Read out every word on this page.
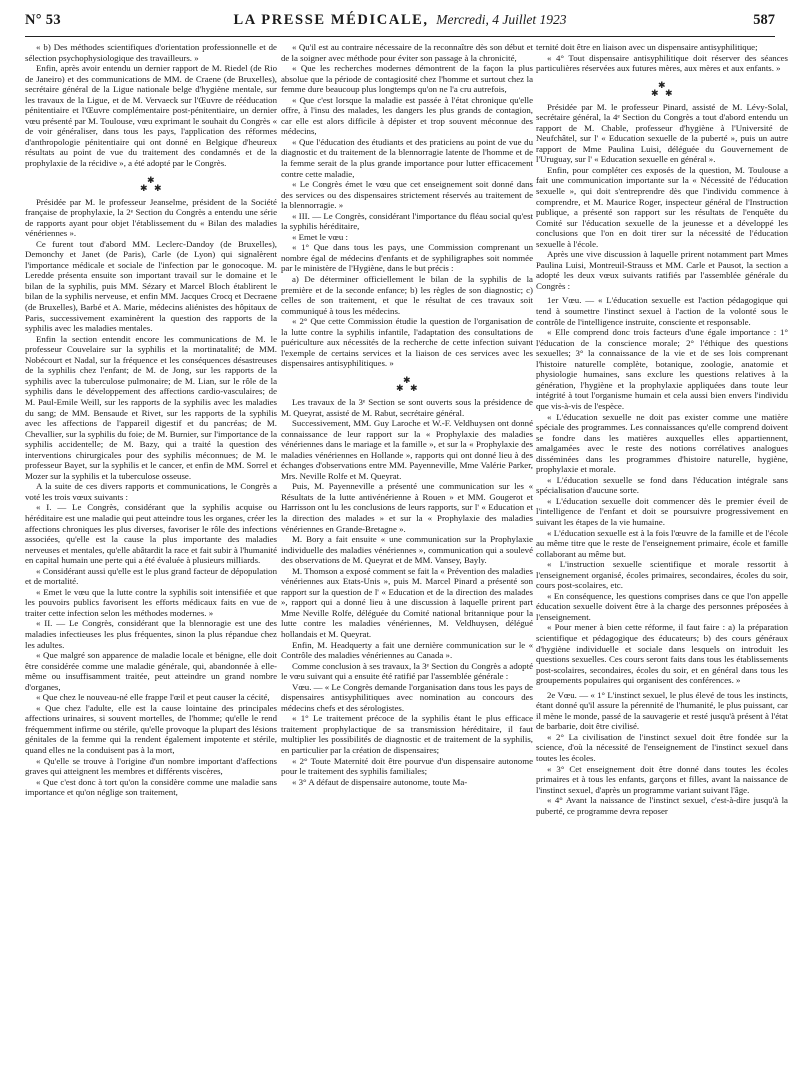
N° 53	LA PRESSE MÉDICALE, Mercredi, 4 Juillet 1923	587

« b) Des méthodes scientifiques d'orientation professionnelle et de sélection psychophysiologique des travailleurs. »

Enfin, après avoir entendu un dernier rapport de M. Riedel (de Rio de Janeiro) et des communications de MM. de Craene (de Bruxelles), secrétaire général de la Ligue nationale belge d'hygiène mentale, sur les travaux de la Ligue, et de M. Vervaeck sur l'Œuvre de rééducation pénitentiaire et l'Œuvre complémentaire post-pénitentiaire, un dernier vœu présenté par M. Toulouse, vœu exprimant le souhait du Congrès « de voir généraliser, dans tous les pays, l'application des réformes d'anthropologie pénitentiaire qui ont donné en Belgique d'heureux résultats au point de vue du traitement des condamnés et de la prophylaxie de la récidive », a été adopté par le Congrès.

✱
✱ ✱

Présidée par M. le professeur Jeanselme, président de la Société française de prophylaxie, la 2ᵉ Section du Congrès a entendu une série de rapports ayant pour objet l'établissement du « Bilan des maladies vénériennes ».

Ce furent tout d'abord MM. Leclerc-Dandoy (de Bruxelles), Demonchy et Janet (de Paris), Carle (de Lyon) qui signalèrent l'importance médicale et sociale de l'infection par le gonocoque. M. Leredde présenta ensuite son important travail sur le domaine et le bilan de la syphilis, puis MM. Sézary et Marcel Bloch établirent le bilan de la syphilis nerveuse, et enfin MM. Jacques Crocq et Decraene (de Bruxelles), Barbé et A. Marie, médecins aliénistes des hôpitaux de Paris, successivement examinèrent la question des rapports de la syphilis avec les maladies mentales.

Enfin la section entendit encore les communications de M. le professeur Couvelaire sur la syphilis et la mortinatalité; de MM. Nobécourt et Nadal, sur la fréquence et les conséquences désastreuses de la syphilis chez l'enfant; de M. de Jong, sur les rapports de la syphilis avec la tuberculose pulmonaire; de M. Lian, sur le rôle de la syphilis dans le développement des affections cardio-vasculaires; de M. Paul-Emile Weill, sur les rapports de la syphilis avec les maladies du sang; de MM. Bensaude et Rivet, sur les rapports de la syphilis avec les affections de l'appareil digestif et du pancréas; de M. Chevallier, sur la syphilis du foie; de M. Burnier, sur l'importance de la syphilis accidentelle; de M. Bazy, qui a traité la question des interventions chirurgicales pour des syphilis méconnues; de M. le professeur Bayet, sur la syphilis et le cancer, et enfin de MM. Sorrel et Mozer sur la syphilis et la tuberculose osseuse.

A la suite de ces divers rapports et communications, le Congrès a voté les trois vœux suivants :

« I. — Le Congrès, considérant que la syphilis acquise ou héréditaire est une maladie qui peut atteindre tous les organes, créer les affections chroniques les plus diverses, favoriser le rôle des infections associées, qu'elle est la cause la plus importante des maladies nerveuses et mentales, qu'elle abâtardit la race et fait subir à l'humanité en capital humain une perte qui a été évaluée à plusieurs milliards.

« Considérant aussi qu'elle est le plus grand facteur de dépopulation et de mortalité.

« Emet le vœu que la lutte contre la syphilis soit intensifiée et que les pouvoirs publics favorisent les efforts médicaux faits en vue de traiter cette infection selon les méthodes modernes. »

« II. — Le Congrès, considérant que la blennoragie est une des maladies infectieuses les plus fréquentes, sinon la plus répandue chez les adultes.

« Que malgré son apparence de maladie locale et bénigne, elle doit être considérée comme une maladie générale, qui, abandonnée à elle-même ou insuffisamment traitée, peut atteindre un grand nombre d'organes,

« Que chez le nouveau-né elle frappe l'œil et peut causer la cécité,

« Que chez l'adulte, elle est la cause lointaine des principales affections urinaires, si souvent mortelles, de l'homme; qu'elle le rend fréquemment infirme ou stérile, qu'elle provoque la plupart des lésions génitales de la femme qui la rendent également impotente et stérile, quand elles ne la conduisent pas à la mort,

« Qu'elle se trouve à l'origine d'un nombre important d'affections graves qui atteignent les membres et différents viscères,

« Que c'est donc à tort qu'on la considère comme une maladie sans importance et qu'on néglige son traitement,

« Qu'il est au contraire nécessaire de la reconnaître dès son début et de la soigner avec méthode pour éviter son passage à la chronicité,

« Que les recherches modernes démontrent de la façon la plus absolue que la période de contagiosité chez l'homme et surtout chez la femme dure beaucoup plus longtemps qu'on ne l'a cru autrefois,

« Que c'est lorsque la maladie est passée à l'état chronique qu'elle offre, à l'insu des malades, les dangers les plus grands de contagion, car elle est alors difficile à dépister et trop souvent méconnue des médecins,

« Que l'éducation des étudiants et des praticiens au point de vue du diagnostic et du traitement de la blennorragie latente de l'homme et de la femme serait de la plus grande importance pour lutter efficacement contre cette maladie,

« Le Congrès émet le vœu que cet enseignement soit donné dans des services ou des dispensaires strictement réservés au traitement de la blennorragie. »

« III. — Le Congrès, considérant l'importance du fléau social qu'est la syphilis héréditaire,

« Emet le vœu :

« 1° Que dans tous les pays, une Commission comprenant un nombre égal de médecins d'enfants et de syphiligraphes soit nommée par le ministère de l'Hygiène, dans le but précis :

a) De déterminer officiellement le bilan de la syphilis de la première et de la seconde enfance; b) les règles de son diagnostic; c) celles de son traitement, et que le résultat de ces travaux soit communiqué à tous les médecins.

« 2° Que cette Commission étudie la question de l'organisation de la lutte contre la syphilis infantile, l'adaptation des consultations de puériculture aux nécessités de la recherche de cette infection suivant l'exemple de certains services et la liaison de ces services avec les dispensaires antisyphilitiques. »

✱
✱ ✱

Les travaux de la 3ᵉ Section se sont ouverts sous la présidence de M. Queyrat, assisté de M. Rabut, secrétaire général.

Successivement, MM. Guy Laroche et W.-F. Veldhuysen ont donné connaissance de leur rapport sur la « Prophylaxie des maladies vénériennes dans le mariage et la famille », et sur la « Prophylaxie des maladies vénériennes en Hollande », rapports qui ont donné lieu à des échanges d'observations entre MM. Payenneville, Mme Valérie Parker, Mrs. Neville Rolfe et M. Queyrat.

Puis, M. Payenneville a présenté une communication sur les « Résultats de la lutte antivénérienne à Rouen » et MM. Gougerot et Harrisson ont lu les conclusions de leurs rapports, sur l' « Education et la direction des malades » et sur la « Prophylaxie des maladies vénériennes en Grande-Bretagne ».

M. Bory a fait ensuite « une communication sur la Prophylaxie individuelle des maladies vénériennes », communication qui a soulevé des observations de M. Queyrat et de MM. Vansey, Bayly.

M. Thomson a exposé comment se fait la « Prévention des maladies vénériennes aux Etats-Unis », puis M. Marcel Pinard a présenté son rapport sur la question de l' « Education et de la direction des malades », rapport qui a donné lieu à une discussion à laquelle prirent part Mme Neville Rolfe, déléguée du Comité national britannique pour la lutte contre les maladies vénériennes, M. Veldhuysen, délégué hollandais et M. Queyrat.

Enfin, M. Headquerty a fait une dernière communication sur le « Contrôle des maladies vénériennes au Canada ».

Comme conclusion à ses travaux, la 3ᵉ Section du Congrès a adopté le vœu suivant qui a ensuite été ratifié par l'assemblée générale :

Vœu. — « Le Congrès demande l'organisation dans tous les pays de dispensaires antisyphilitiques avec nomination au concours des médecins chefs et des sérologistes.

« 1° Le traitement précoce de la syphilis étant le plus efficace traitement prophylactique de sa transmission héréditaire, il faut multiplier les possibilités de diagnostic et de traitement de la syphilis, en particulier par la création de dispensaires;

« 2° Toute Maternité doit être pourvue d'un dispensaire autonome pour le traitement des syphilis familiales;

« 3° A défaut de dispensaire autonome, toute Ma-

ternité doit être en liaison avec un dispensaire antisyphilitique;

« 4° Tout dispensaire antisyphilitique doit réserver des séances particulières réservées aux futures mères, aux mères et aux enfants. »

✱
✱ ✱

Présidée par M. le professeur Pinard, assisté de M. Lévy-Solal, secrétaire général, la 4ᵉ Section du Congrès a tout d'abord entendu un rapport de M. Chable, professeur d'hygiène à l'Université de Neufchâtel, sur l' « Education sexuelle de la puberté », puis un autre rapport de Mme Paulina Luisi, déléguée du Gouvernement de l'Uruguay, sur l' « Education sexuelle en général ».

Enfin, pour compléter ces exposés de la question, M. Toulouse a fait une communication importante sur la « Nécessité de l'éducation sexuelle », qui doit s'entreprendre dès que l'individu commence à comprendre, et M. Maurice Roger, inspecteur général de l'Instruction publique, a présenté son rapport sur les résultats de l'enquête du Comité sur l'éducation sexuelle de la jeunesse et a développé les conclusions que l'on en doit tirer sur la nécessité de l'éducation sexuelle à l'école.

Après une vive discussion à laquelle prirent notamment part Mmes Paulina Luisi, Montreuil-Strauss et MM. Carle et Pausot, la section a adopté les deux vœux suivants ratifiés par l'assemblée générale du Congrès :

1er Vœu. — « L'éducation sexuelle est l'action pédagogique qui tend à soumettre l'instinct sexuel à l'action de la volonté sous le contrôle de l'intelligence instruite, consciente et responsable.

« Elle comprend donc trois facteurs d'une égale importance : 1° l'éducation de la conscience morale; 2° l'éthique des questions sexuelles; 3° la connaissance de la vie et de ses lois comprenant l'histoire naturelle complète, botanique, zoologie, anatomie et physiologie humaines, sans exclure les questions relatives à la génération, l'hygiène et la prophylaxie appliquées dans toute leur intégrité à tout l'organisme humain et cela aussi bien envers l'individu que vis-à-vis de l'espèce.

« L'éducation sexuelle ne doit pas exister comme une matière spéciale des programmes. Les connaissances qu'elle comprend doivent se fondre dans les matières auxquelles elles appartiennent, amalgamées avec le reste des notions corrélatives analogues disséminées dans les programmes d'histoire naturelle, hygiène, prophylaxie et morale.

« L'éducation sexuelle se fond dans l'éducation intégrale sans spécialisation d'aucune sorte.

« L'éducation sexuelle doit commencer dès le premier éveil de l'intelligence de l'enfant et doit se poursuivre progressivement en suivant les étapes de la vie humaine.

« L'éducation sexuelle est à la fois l'œuvre de la famille et de l'école au même titre que le reste de l'enseignement primaire, école et famille collaborant au même but.

« L'instruction sexuelle scientifique et morale ressortit à l'enseignement organisé, écoles primaires, secondaires, écoles du soir, cours post-scolaires, etc.

« En conséquence, les questions comprises dans ce que l'on appelle éducation sexuelle doivent être à la charge des personnes préposées à l'enseignement.

« Pour mener à bien cette réforme, il faut faire : a) la préparation scientifique et pédagogique des éducateurs; b) des cours généraux d'hygiène individuelle et sociale dans lesquels on introduit les questions sexuelles. Ces cours seront faits dans tous les établissements post-scolaires, secondaires, écoles du soir, et en général dans tous les groupements populaires qui organisent des conférences. »

2e Vœu. — « 1° L'instinct sexuel, le plus élevé de tous les instincts, étant donné qu'il assure la pérennité de l'humanité, le plus puissant, car il mène le monde, passé de la sauvagerie et resté jusqu'à présent à l'état de barbarie, doit être civilisé.

« 2° La civilisation de l'instinct sexuel doit être fondée sur la science, d'où la nécessité de l'enseignement de l'instinct sexuel dans toutes les écoles.

« 3° Cet enseignement doit être donné dans toutes les écoles primaires et à tous les enfants, garçons et filles, avant la naissance de l'instinct sexuel, d'après un programme variant suivant l'âge.

« 4° Avant la naissance de l'instinct sexuel, c'est-à-dire jusqu'à la puberté, ce programme devra reposer
